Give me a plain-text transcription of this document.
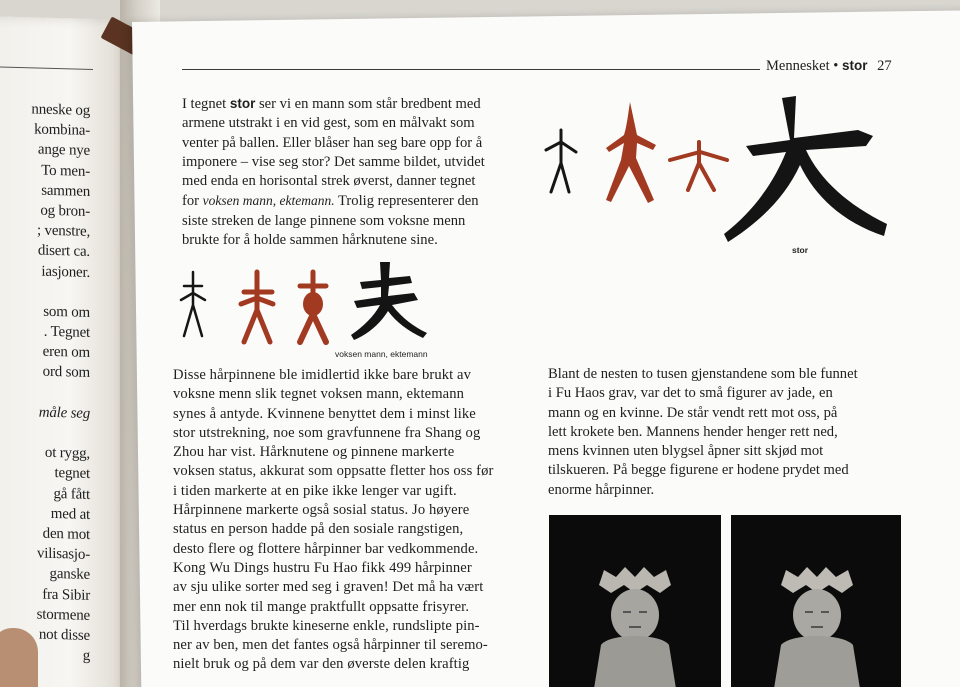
nneske og
kombina-
ange nye
To men-
sammen
og bron-
; venstre,
disert ca.
iasjoner.
som om
. Tegnet
eren om
ord som
måle seg
ot rygg,
tegnet
gå fått
med at
den mot
vilisasjo-
ganske
fra Sibir
stormene
not disse
g
Mennesket • stor 27
I tegnet stor ser vi en mann som står bredbent med
armene utstrakt i en vid gest, som en målvakt som
venter på ballen. Eller blåser han seg bare opp for å
imponere – vise seg stor? Det samme bildet, utvidet
med enda en horisontal strek øverst, danner tegnet
for voksen mann, ektemann. Trolig representerer den
siste streken de lange pinnene som voksne menn
brukte for å holde sammen hårknutene sine.
stor
voksen mann, ektemann
Disse hårpinnene ble imidlertid ikke bare brukt av
voksne menn slik tegnet voksen mann, ektemann
synes å antyde. Kvinnene benyttet dem i minst like
stor utstrekning, noe som gravfunnene fra Shang og
Zhou har vist. Hårknutene og pinnene markerte
voksen status, akkurat som oppsatte fletter hos oss før
i tiden markerte at en pike ikke lenger var ugift.
Hårpinnene markerte også sosial status. Jo høyere
status en person hadde på den sosiale rangstigen,
desto flere og flottere hårpinner bar vedkommende.
Kong Wu Dings hustru Fu Hao fikk 499 hårpinner
av sju ulike sorter med seg i graven! Det må ha vært
mer enn nok til mange praktfullt oppsatte frisyrer.
Til hverdags brukte kineserne enkle, rundslipte pin-
ner av ben, men det fantes også hårpinner til seremo-
nielt bruk og på dem var den øverste delen kraftig
Blant de nesten to tusen gjenstandene som ble funnet
i Fu Haos grav, var det to små figurer av jade, en
mann og en kvinne. De står vendt rett mot oss, på
lett krokete ben. Mannens hender henger rett ned,
mens kvinnen uten blygsel åpner sitt skjød mot
tilskueren. På begge figurene er hodene prydet med
enorme hårpinner.
